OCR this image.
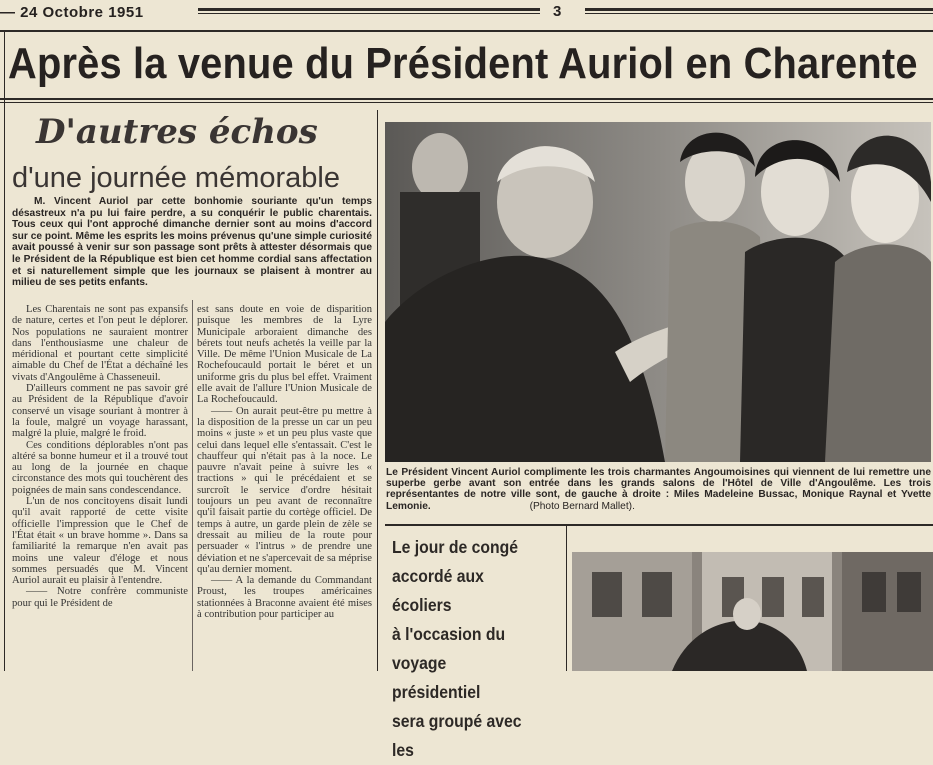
— 24 Octobre 1951	3
Après la venue du Président Auriol en Charente
D'autres échos
d'une journée mémorable
M. Vincent Auriol par cette bonhomie souriante qu'un temps désastreux n'a pu lui faire perdre, a su conquérir le public charentais. Tous ceux qui l'ont approché dimanche dernier sont au moins d'accord sur ce point. Même les esprits les moins prévenus qu'une simple curiosité avait poussé à venir sur son passage sont prêts à attester désormais que le Président de la République est bien cet homme cordial sans affectation et si naturellement simple que les journaux se plaisent à montrer au milieu de ses petits enfants.

Les Charentais ne sont pas expansifs de nature, certes et l'on peut le déplorer. Nos populations ne sauraient montrer dans l'enthousiasme une chaleur de méridional et pourtant cette simplicité aimable du Chef de l'État a déchaîné les vivats d'Angoulême à Chasseneuil.

D'ailleurs comment ne pas savoir gré au Président de la République d'avoir conservé un visage souriant à montrer à la foule, malgré un voyage harassant, malgré la pluie, malgré le froid.

Ces conditions déplorables n'ont pas altéré sa bonne humeur et il a trouvé tout au long de la journée en chaque circonstance des mots qui touchèrent des poignées de main sans condescendance.

L'un de nos concitoyens disait lundi qu'il avait rapporté de cette visite officielle l'impression que le Chef de l'État était « un brave homme ». Dans sa familiarité la remarque n'en avait pas moins une valeur d'éloge et nous sommes persuadés que M. Vincent Auriol aurait eu plaisir à l'entendre.

—— Notre confrère communiste pour qui le Président de

est sans doute en voie de disparition puisque les membres de la Lyre Municipale arboraient dimanche des bérets tout neufs achetés la veille par la Ville. De même l'Union Musicale de La Rochefoucauld portait le béret et un uniforme gris du plus bel effet. Vraiment elle avait de l'allure l'Union Musicale de La Rochefoucauld.

—— On aurait peut-être pu mettre à la disposition de la presse un car un peu moins « juste » et un peu plus vaste que celui dans lequel elle s'entassait. C'est le chauffeur qui n'était pas à la noce. Le pauvre n'avait peine à suivre les « tractions » qui le précédaient et se surcroît le service d'ordre hésitait toujours un peu avant de reconnaître qu'il faisait partie du cortège officiel. De temps à autre, un garde plein de zèle se dressait au milieu de la route pour persuader « l'intrus » de prendre une déviation et ne s'apercevait de sa méprise qu'au dernier moment.

—— A la demande du Commandant Proust, les troupes américaines stationnées à Braconne avaient été mises à contribution pour participer au

Le Président Vincent Auriol complimente les trois charmantes Angoumoisines qui viennent de lui remettre une superbe gerbe avant son entrée dans les grands salons de l'Hôtel de Ville d'Angoulême. Les trois représentantes de notre ville sont, de gauche à droite : Miles Madeleine Bussac, Monique Raynal et Yvette Lemonie.	(Photo Bernard Mallet).
Le jour de congé
accordé aux écoliers
à l'occasion du voyage
présidentiel
sera groupé avec les
